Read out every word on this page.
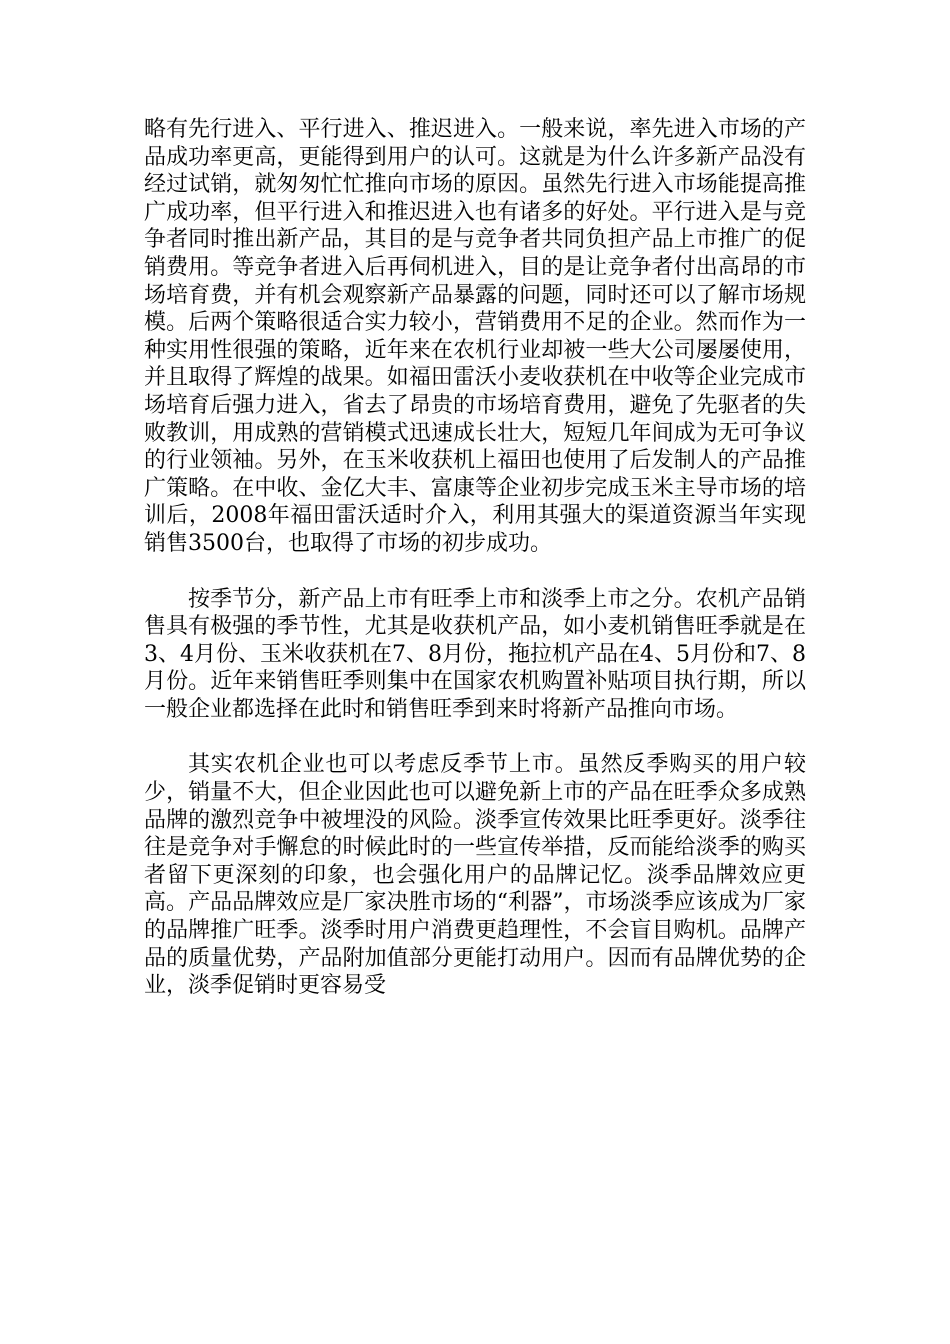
略有先行进入、平行进入、推迟进入。一般来说，率先进入市场的产品成功率更高，更能得到用户的认可。这就是为什么许多新产品没有经过试销，就匆匆忙忙推向市场的原因。虽然先行进入市场能提高推广成功率，但平行进入和推迟进入也有诸多的好处。平行进入是与竞争者同时推出新产品，其目的是与竞争者共同负担产品上市推广的促销费用。等竞争者进入后再伺机进入，目的是让竞争者付出高昂的市场培育费，并有机会观察新产品暴露的问题，同时还可以了解市场规模。后两个策略很适合实力较小，营销费用不足的企业。然而作为一种实用性很强的策略，近年来在农机行业却被一些大公司屡屡使用，并且取得了辉煌的战果。如福田雷沃小麦收获机在中收等企业完成市场培育后强力进入，省去了昂贵的市场培育费用，避免了先驱者的失败教训，用成熟的营销模式迅速成长壮大，短短几年间成为无可争议的行业领袖。另外，在玉米收获机上福田也使用了后发制人的产品推广策略。在中收、金亿大丰、富康等企业初步完成玉米主导市场的培训后，2008年福田雷沃适时介入，利用其强大的渠道资源当年实现销售3500台，也取得了市场的初步成功。

按季节分，新产品上市有旺季上市和淡季上市之分。农机产品销售具有极强的季节性，尤其是收获机产品，如小麦机销售旺季就是在3、4月份、玉米收获机在7、8月份，拖拉机产品在4、5月份和7、8月份。近年来销售旺季则集中在国家农机购置补贴项目执行期，所以一般企业都选择在此时和销售旺季到来时将新产品推向市场。

其实农机企业也可以考虑反季节上市。虽然反季购买的用户较少，销量不大，但企业因此也可以避免新上市的产品在旺季众多成熟品牌的激烈竞争中被埋没的风险。淡季宣传效果比旺季更好。淡季往往是竞争对手懈怠的时候此时的一些宣传举措，反而能给淡季的购买者留下更深刻的印象，也会强化用户的品牌记忆。淡季品牌效应更高。产品品牌效应是厂家决胜市场的“利器”，市场淡季应该成为厂家的品牌推广旺季。淡季时用户消费更趋理性，不会盲目购机。品牌产品的质量优势，产品附加值部分更能打动用户。因而有品牌优势的企业，淡季促销时更容易受
